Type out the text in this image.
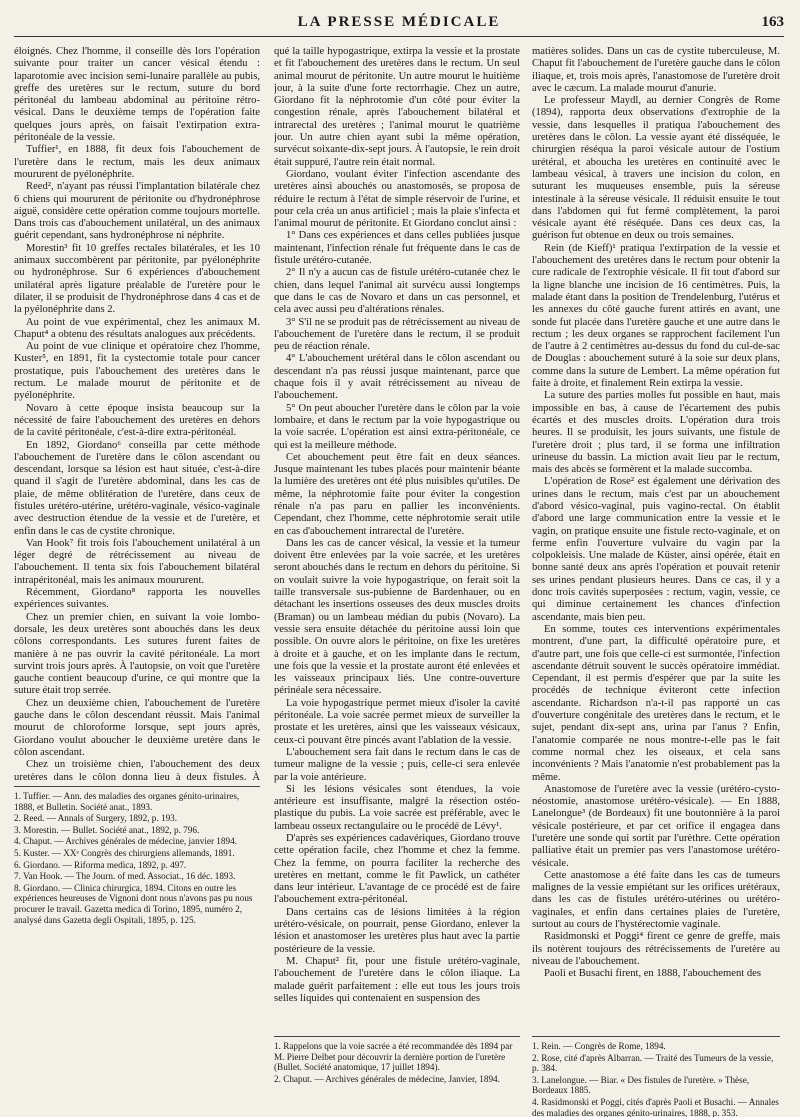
LA PRESSE MÉDICALE	163

éloignés. Chez l'homme, il conseille dès lors l'opération suivante pour traiter un cancer vésical étendu : laparotomie avec incision semi-lunaire parallèle au pubis, greffe des uretères sur le rectum, suture du bord péritonéal du lambeau abdominal au péritoine rétro-vésical. Dans le deuxième temps de l'opération faite quelques jours après, on faisait l'extirpation extra-péritonéale de la vessie.

Tuffier¹, en 1888, fit deux fois l'abouchement de l'uretère dans le rectum, mais les deux animaux moururent de pyélonéphrite.

Reed², n'ayant pas réussi l'implantation bilatérale chez 6 chiens qui moururent de péritonite ou d'hydronéphrose aiguë, considère cette opération comme toujours mortelle. Dans trois cas d'abouchement unilatéral, un des animaux guérit cependant, sans hydronéphrose ni néphrite.

Morestin³ fit 10 greffes rectales bilatérales, et les 10 animaux succombèrent par péritonite, par pyélonéphrite ou hydronéphrose. Sur 6 expériences d'abouchement unilatéral après ligature préalable de l'uretère pour le dilater, il se produisit de l'hydronéphrose dans 4 cas et de la pyélonéphrite dans 2.

Au point de vue expérimental, chez les animaux M. Chaput⁴ a obtenu des résultats analogues aux précédents.

Au point de vue clinique et opératoire chez l'homme, Kuster⁵, en 1891, fit la cystectomie totale pour cancer prostatique, puis l'abouchement des uretères dans le rectum. Le malade mourut de péritonite et de pyélonéphrite.

Novaro à cette époque insista beaucoup sur la nécessité de faire l'abouchement des uretères en dehors de la cavité péritonéale, c'est-à-dire extra-péritonéal.

En 1892, Giordano⁶ conseilla par cette méthode l'abouchement de l'uretère dans le côlon ascendant ou descendant, lorsque sa lésion est haut située, c'est-à-dire quand il s'agit de l'uretère abdominal, dans les cas de plaie, de même oblitération de l'uretère, dans ceux de fistules urétéro-utérine, urétéro-vaginale, vésico-vaginale avec destruction étendue de la vessie et de l'uretère, et enfin dans le cas de cystite chronique.

Van Hook⁷ fit trois fois l'abouchement unilatéral à un léger degré de rétrécissement au niveau de l'abouchement. Il tenta six fois l'abouchement bilatéral intrapéritonéal, mais les animaux moururent.

Récemment, Giordano⁸ rapporta les nouvelles expériences suivantes.

Chez un premier chien, en suivant la voie lombo-dorsale, les deux uretères sont abouchés dans les deux côlons correspondants. Les sutures furent faites de manière à ne pas ouvrir la cavité péritonéale. La mort survint trois jours après. À l'autopsie, on voit que l'uretère gauche contient beaucoup d'urine, ce qui montre que la suture était trop serrée.

Chez un deuxième chien, l'abouchement de l'uretère gauche dans le côlon descendant réussit. Mais l'animal mourut de chloroforme lorsque, sept jours après, Giordano voulut aboucher le deuxième uretère dans le côlon ascendant.

Chez un troisième chien, l'abouchement des deux uretères dans le côlon donna lieu à deux fistules. À

1. Tuffier. — Ann. des maladies des organes génito-urinaires, 1888, et Bulletin. Société anat., 1893.
2. Reed. — Annals of Surgery, 1892, p. 193.
3. Morestin. — Bullet. Société anat., 1892, p. 796.
4. Chaput. — Archives générales de médecine, janvier 1894.
5. Kuster. — XXᵉ Congrès des chirurgiens allemands, 1891.
6. Giordano. — Riforma medica, 1892, p. 497.
7. Van Hook. — The Journ. of med. Associat., 16 déc. 1893.
8. Giordano. — Clinica chirurgica, 1894. Citons en outre les expériences heureuses de Vignoni dont nous n'avons pas pu nous procurer le travail. Gazetta medica di Torino, 1895, numéro 2, analysé dans Gazetta degli Ospitali, 1895, p. 125.

qué la taille hypogastrique, extirpa la vessie et la prostate et fit l'abouchement des uretères dans le rectum. Un seul animal mourut de péritonite. Un autre mourut le huitième jour, à la suite d'une forte rectorrhagie. Chez un autre, Giordano fit la néphrotomie d'un côté pour éviter la congestion rénale, après l'abouchement bilatéral et intrarectal des uretères ; l'animal mourut le quatrième jour. Un autre chien ayant subi la même opération, survécut soixante-dix-sept jours. À l'autopsie, le rein droit était suppuré, l'autre rein était normal.

Giordano, voulant éviter l'infection ascendante des uretères ainsi abouchés ou anastomosés, se proposa de réduire le rectum à l'état de simple réservoir de l'urine, et pour cela créa un anus artificiel ; mais la plaie s'infecta et l'animal mourut de péritonite. Et Giordano conclut ainsi :

1° Dans ces expériences et dans celles publiées jusque maintenant, l'infection rénale fut fréquente dans le cas de fistule urétéro-cutanée.

2° Il n'y a aucun cas de fistule urétéro-cutanée chez le chien, dans lequel l'animal ait survécu aussi longtemps que dans le cas de Novaro et dans un cas personnel, et cela avec aussi peu d'altérations rénales.

3° S'il ne se produit pas de rétrécissement au niveau de l'abouchement de l'uretère dans le rectum, il se produit peu de réaction rénale.

4° L'abouchement urétéral dans le côlon ascendant ou descendant n'a pas réussi jusque maintenant, parce que chaque fois il y avait rétrécissement au niveau de l'abouchement.

5° On peut aboucher l'uretère dans le côlon par la voie lombaire, et dans le rectum par la voie hypogastrique ou la voie sacrée. L'opération est ainsi extra-péritonéale, ce qui est la meilleure méthode.

Cet abouchement peut être fait en deux séances. Jusque maintenant les tubes placés pour maintenir béante la lumière des uretères ont été plus nuisibles qu'utiles. De même, la néphrotomie faite pour éviter la congestion rénale n'a pas paru en pallier les inconvénients. Cependant, chez l'homme, cette néphrotomie serait utile en cas d'abouchement intrarectal de l'uretère.

Dans les cas de cancer vésical, la vessie et la tumeur doivent être enlevées par la voie sacrée, et les uretères seront abouchés dans le rectum en dehors du péritoine. Si on voulait suivre la voie hypogastrique, on ferait soit la taille transversale sus-pubienne de Bardenhauer, ou en détachant les insertions osseuses des deux muscles droits (Braman) ou un lambeau médian du pubis (Novaro). La vessie sera ensuite détachée du péritoine aussi loin que possible. On ouvre alors le péritoine, on fixe les uretères à droite et à gauche, et on les implante dans le rectum, une fois que la vessie et la prostate auront été enlevées et les vaisseaux principaux liés. Une contre-ouverture périnéale sera nécessaire.

La voie hypogastrique permet mieux d'isoler la cavité péritonéale. La voie sacrée permet mieux de surveiller la prostate et les uretères, ainsi que les vaisseaux vésicaux, ceux-ci pouvant être pincés avant l'ablation de la vessie.

L'abouchement sera fait dans le rectum dans le cas de tumeur maligne de la vessie ; puis, celle-ci sera enlevée par la voie antérieure.

Si les lésions vésicales sont étendues, la voie antérieure est insuffisante, malgré la résection ostéo-plastique du pubis. La voie sacrée est préférable, avec le lambeau osseux rectangulaire ou le procédé de Lévy¹.

D'après ses expériences cadavériques, Giordano trouve cette opération facile, chez l'homme et chez la femme. Chez la femme, on pourra faciliter la recherche des uretères en mettant, comme le fit Pawlick, un cathéter dans leur intérieur. L'avantage de ce procédé est de faire l'abouchement extra-péritonéal.

Dans certains cas de lésions limitées à la région urétéro-vésicale, on pourrait, pense Giordano, enlever la lésion et anastomoser les uretères plus haut avec la partie postérieure de la vessie.

M. Chaput² fit, pour une fistule urétéro-vaginale, l'abouchement de l'uretère dans le côlon iliaque. La malade guérit parfaitement : elle eut tous les jours trois selles liquides qui contenaient en suspension des

1. Rappelons que la voie sacrée a été recommandée dès 1894 par M. Pierre Delbet pour découvrir la dernière portion de l'uretère (Bullet. Société anatomique, 17 juillet 1894).
2. Chaput. — Archives générales de médecine, Janvier, 1894.

matières solides. Dans un cas de cystite tuberculeuse, M. Chaput fit l'abouchement de l'uretère gauche dans le côlon iliaque, et, trois mois après, l'anastomose de l'uretère droit avec le cæcum. La malade mourut d'anurie.

Le professeur Maydl, au dernier Congrès de Rome (1894), rapporta deux observations d'extrophie de la vessie, dans lesquelles il pratiqua l'abouchement des uretères dans le côlon. La vessie ayant été disséquée, le chirurgien réséqua la paroi vésicale autour de l'ostium urétéral, et aboucha les uretères en continuité avec le lambeau vésical, à travers une incision du colon, en suturant les muqueuses ensemble, puis la séreuse intestinale à la séreuse vésicale. Il réduisit ensuite le tout dans l'abdomen qui fut fermé complètement, la paroi vésicale ayant été réséquée. Dans ces deux cas, la guérison fut obtenue en deux ou trois semaines.

Rein (de Kieff)¹ pratiqua l'extirpation de la vessie et l'abouchement des uretères dans le rectum pour obtenir la cure radicale de l'extrophie vésicale. Il fit tout d'abord sur la ligne blanche une incision de 16 centimètres. Puis, la malade étant dans la position de Trendelenburg, l'utérus et les annexes du côté gauche furent attirés en avant, une sonde fut placée dans l'uretère gauche et une autre dans le rectum ; les deux organes se rapprochent facilement l'un de l'autre à 2 centimètres au-dessus du fond du cul-de-sac de Douglas : abouchement suturé à la soie sur deux plans, comme dans la suture de Lembert. La même opération fut faite à droite, et finalement Rein extirpa la vessie.

La suture des parties molles fut possible en haut, mais impossible en bas, à cause de l'écartement des pubis écartés et des muscles droits. L'opération dura trois heures. Il se produisit, les jours suivants, une fistule de l'uretère droit ; plus tard, il se forma une infiltration urineuse du bassin. La miction avait lieu par le rectum, mais des abcès se formèrent et la malade succomba.

L'opération de Rose² est également une dérivation des urines dans le rectum, mais c'est par un abouchement d'abord vésico-vaginal, puis vagino-rectal. On établit d'abord une large communication entre la vessie et le vagin, on pratique ensuite une fistule recto-vaginale, et on ferme enfin l'ouverture vulvaire du vagin par la colpokleisis. Une malade de Küster, ainsi opérée, était en bonne santé deux ans après l'opération et pouvait retenir ses urines pendant plusieurs heures. Dans ce cas, il y a donc trois cavités superposées : rectum, vagin, vessie, ce qui diminue certainement les chances d'infection ascendante, mais bien peu.

En somme, toutes ces interventions expérimentales montrent, d'une part, la difficulté opératoire pure, et d'autre part, une fois que celle-ci est surmontée, l'infection ascendante détruit souvent le succès opératoire immédiat. Cependant, il est permis d'espérer que par la suite les procédés de technique éviteront cette infection ascendante. Richardson n'a-t-il pas rapporté un cas d'ouverture congénitale des uretères dans le rectum, et le sujet, pendant dix-sept ans, urina par l'anus ? Enfin, l'anatomie comparée ne nous montre-t-elle pas le fait comme normal chez les oiseaux, et cela sans inconvénients ? Mais l'anatomie n'est probablement pas la même.

Anastomose de l'uretère avec la vessie (urétéro-cysto-néostomie, anastomose urétéro-vésicale). — En 1888, Lanelongue³ (de Bordeaux) fit une boutonnière à la paroi vésicale postérieure, et par cet orifice il engagea dans l'uretère une sonde qui sortit par l'urèthre. Cette opération palliative était un premier pas vers l'anastomose urétéro-vésicale.

Cette anastomose a été faite dans les cas de tumeurs malignes de la vessie empiétant sur les orifices urétéraux, dans les cas de fistules urétéro-utérines ou urétéro-vaginales, et enfin dans certaines plaies de l'uretère, surtout au cours de l'hystérectomie vaginale.

Rasidmonski et Poggi⁴ firent ce genre de greffe, mais ils notèrent toujours des rétrécissements de l'uretère au niveau de l'abouchement.

Paoli et Busachi firent, en 1888, l'abouchement des

1. Rein. — Congrès de Rome, 1894.
2. Rose, cité d'après Albarran. — Traité des Tumeurs de la vessie, p. 384.
3. Lanelongue. — Biar. « Des fistules de l'uretère. » Thèse, Bordeaux 1885.
4. Rasidmonski et Poggi, cités d'après Paoli et Busachi. — Annales des maladies des organes génito-urinaires, 1888, p. 353.
